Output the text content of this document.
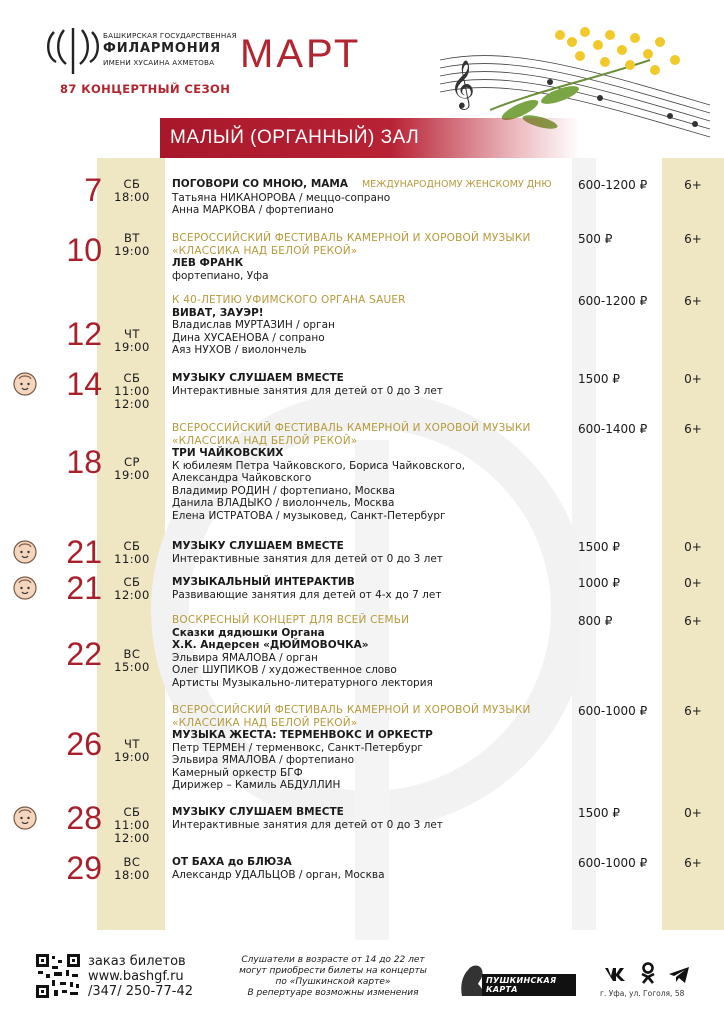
БАШКИРСКАЯ ГОСУДАРСТВЕННАЯ
ФИЛАРМОНИЯ
ИМЕНИ ХУСАИНА АХМЕТОВА МАРТ
87 КОНЦЕРТНЫЙ СЕЗОН	𝄞
МАЛЫЙ (ОРГАННЫЙ) ЗАЛ
7	СБ
18:00
ПОГОВОРИ СО МНОЮ, МАМА МЕЖДУНАРОДНОМУ ЖЕНСКОМУ ДНЮ
Татьяна НИКАНОРОВА / меццо-сопрано
Анна МАРКОВА / фортепиано
600-1200 ₽	6+
10	ВТ
19:00
ВСЕРОССИЙСКИЙ ФЕСТИВАЛЬ КАМЕРНОЙ И ХОРОВОЙ МУЗЫКИ
«КЛАССИКА НАД БЕЛОЙ РЕКОЙ»
ЛЕВ ФРАНК
фортепиано, Уфа
500 ₽	6+
12	ЧТ
19:00
К 40-ЛЕТИЮ УФИМСКОГО ОРГАНА SAUER
ВИВАТ, ЗАУЭР!
Владислав МУРТАЗИН / орган
Дина ХУСАЕНОВА / сопрано
Аяз НУХОВ / виолончель
600-1200 ₽	6+
14	СБ
11:00
12:00
МУЗЫКУ СЛУШАЕМ ВМЕСТЕ
Интерактивные занятия для детей от 0 до 3 лет
1500 ₽	0+
18	СР
19:00
ВСЕРОССИЙСКИЙ ФЕСТИВАЛЬ КАМЕРНОЙ И ХОРОВОЙ МУЗЫКИ
«КЛАССИКА НАД БЕЛОЙ РЕКОЙ»
ТРИ ЧАЙКОВСКИХ
К юбилеям Петра Чайковского, Бориса Чайковского,
Александра Чайковского
Владимир РОДИН / фортепиано, Москва
Данила ВЛАДЫКО / виолончель, Москва
Елена ИСТРАТОВА / музыковед, Санкт-Петербург
600-1400 ₽	6+
21	СБ
11:00
МУЗЫКУ СЛУШАЕМ ВМЕСТЕ
Интерактивные занятия для детей от 0 до 3 лет
1500 ₽	0+
21	СБ
12:00
МУЗЫКАЛЬНЫЙ ИНТЕРАКТИВ
Развивающие занятия для детей от 4-х до 7 лет
1000 ₽	0+
22	ВС
15:00
ВОСКРЕСНЫЙ КОНЦЕРТ ДЛЯ ВСЕЙ СЕМЬИ
Сказки дядюшки Органа
Х.К. Андерсен «ДЮЙМОВОЧКА»
Эльвира ЯМАЛОВА / орган
Олег ШУПИКОВ / художественное слово
Артисты Музыкально-литературного лектория
800 ₽	6+
26	ЧТ
19:00
ВСЕРОССИЙСКИЙ ФЕСТИВАЛЬ КАМЕРНОЙ И ХОРОВОЙ МУЗЫКИ
«КЛАССИКА НАД БЕЛОЙ РЕКОЙ»
МУЗЫКА ЖЕСТА: ТЕРМЕНВОКС И ОРКЕСТР
Петр ТЕРМЕН / терменвокс, Санкт-Петербург
Эльвира ЯМАЛОВА / фортепиано
Камерный оркестр БГФ
Дирижер – Камиль АБДУЛЛИН
600-1000 ₽	6+
28	СБ
11:00
12:00
МУЗЫКУ СЛУШАЕМ ВМЕСТЕ
Интерактивные занятия для детей от 0 до 3 лет
1500 ₽	0+
29	ВС
18:00
ОТ БАХА до БЛЮЗА
Александр УДАЛЬЦОВ / орган, Москва
600-1000 ₽	6+
заказ билетов
www.bashgf.ru
/347/ 250-77-42
Слушатели в возрасте от 14 до 22 лет
могут приобрести билеты на концерты
по «Пушкинской карте»
В репертуаре возможны изменения
ПУШКИНСКАЯ КАРТА	г. Уфа, ул. Гоголя, 58
